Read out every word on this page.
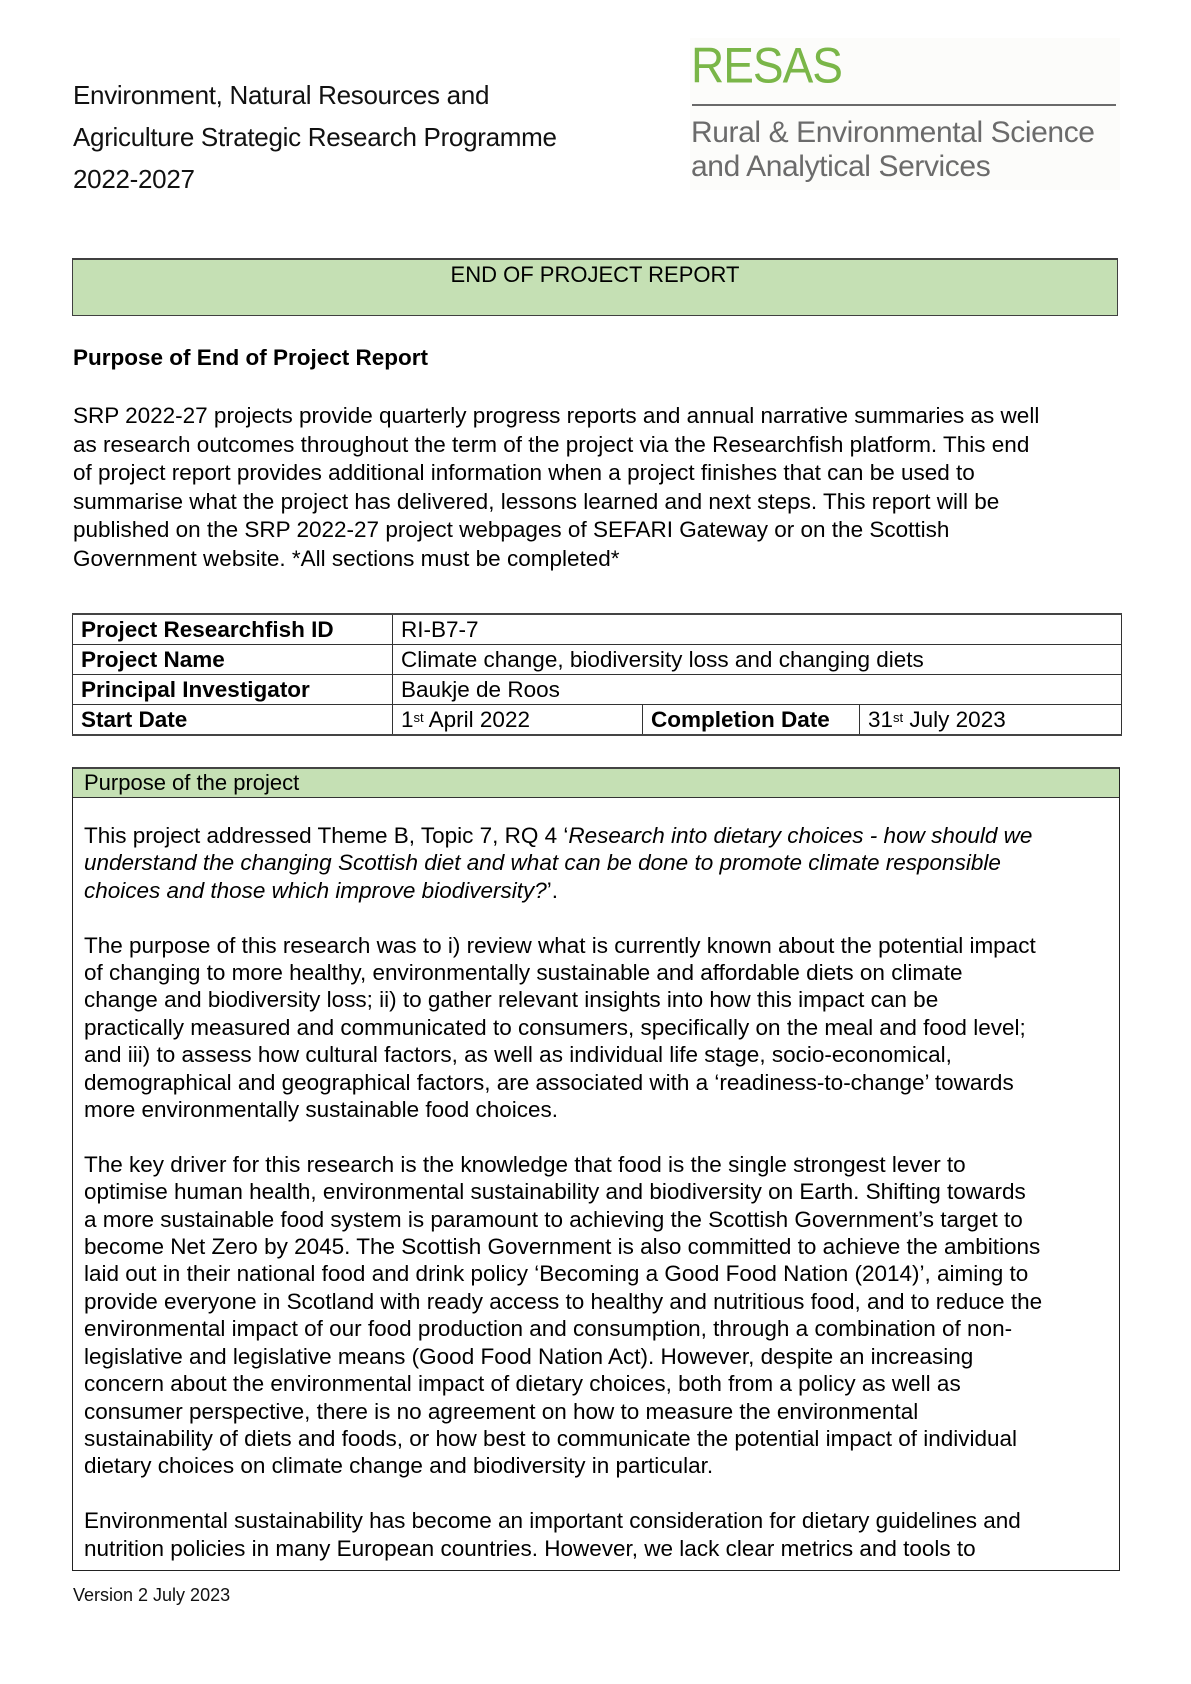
Environment, Natural Resources and
Agriculture Strategic Research Programme
2022-2027
RESAS
Rural & Environmental Science
and Analytical Services
END OF PROJECT REPORT
Purpose of End of Project Report
SRP 2022-27 projects provide quarterly progress reports and annual narrative summaries as well
as research outcomes throughout the term of the project via the Researchfish platform. This end
of project report provides additional information when a project finishes that can be used to
summarise what the project has delivered, lessons learned and next steps. This report will be
published on the SRP 2022-27 project webpages of SEFARI Gateway or on the Scottish
Government website. *All sections must be completed*
Project Researchfish ID	RI-B7-7		
Project Name	Climate change, biodiversity loss and changing diets		
Principal Investigator	Baukje de Roos		
Start Date	1st April 2022	Completion Date	31st July 2023
Purpose of the project
This project addressed Theme B, Topic 7, RQ 4 ‘Research into dietary choices - how should we
understand the changing Scottish diet and what can be done to promote climate responsible
choices and those which improve biodiversity?’.
The purpose of this research was to i) review what is currently known about the potential impact
of changing to more healthy, environmentally sustainable and affordable diets on climate
change and biodiversity loss; ii) to gather relevant insights into how this impact can be
practically measured and communicated to consumers, specifically on the meal and food level;
and iii) to assess how cultural factors, as well as individual life stage, socio-economical,
demographical and geographical factors, are associated with a ‘readiness-to-change’ towards
more environmentally sustainable food choices.
The key driver for this research is the knowledge that food is the single strongest lever to
optimise human health, environmental sustainability and biodiversity on Earth. Shifting towards
a more sustainable food system is paramount to achieving the Scottish Government’s target to
become Net Zero by 2045. The Scottish Government is also committed to achieve the ambitions
laid out in their national food and drink policy ‘Becoming a Good Food Nation (2014)’, aiming to
provide everyone in Scotland with ready access to healthy and nutritious food, and to reduce the
environmental impact of our food production and consumption, through a combination of non-
legislative and legislative means (Good Food Nation Act). However, despite an increasing
concern about the environmental impact of dietary choices, both from a policy as well as
consumer perspective, there is no agreement on how to measure the environmental
sustainability of diets and foods, or how best to communicate the potential impact of individual
dietary choices on climate change and biodiversity in particular.
Environmental sustainability has become an important consideration for dietary guidelines and
nutrition policies in many European countries. However, we lack clear metrics and tools to
Version 2 July 2023
